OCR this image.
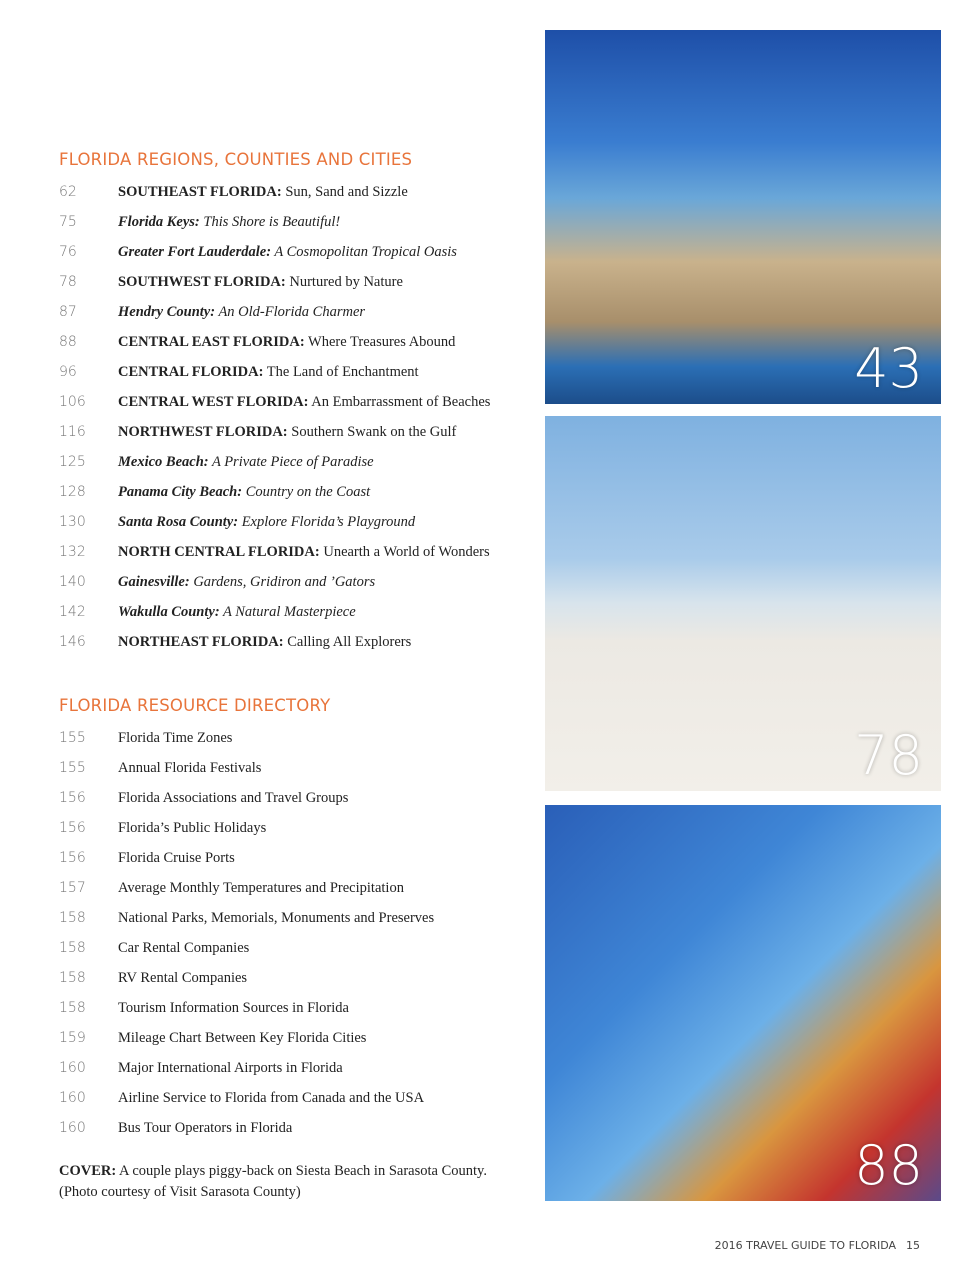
FLORIDA REGIONS, COUNTIES AND CITIES
62	SOUTHEAST FLORIDA: Sun, Sand and Sizzle
75	Florida Keys: This Shore is Beautiful!
76	Greater Fort Lauderdale: A Cosmopolitan Tropical Oasis
78	SOUTHWEST FLORIDA: Nurtured by Nature
87	Hendry County: An Old-Florida Charmer
88	CENTRAL EAST FLORIDA: Where Treasures Abound
96	CENTRAL FLORIDA: The Land of Enchantment
106 CENTRAL WEST FLORIDA: An Embarrassment of Beaches
116 NORTHWEST FLORIDA: Southern Swank on the Gulf
125 Mexico Beach: A Private Piece of Paradise
128 Panama City Beach: Country on the Coast
130 Santa Rosa County: Explore Florida’s Playground
132 NORTH CENTRAL FLORIDA: Unearth a World of Wonders
140 Gainesville: Gardens, Gridiron and ’Gators
142 Wakulla County: A Natural Masterpiece
146 NORTHEAST FLORIDA: Calling All Explorers
FLORIDA RESOURCE DIRECTORY
155 Florida Time Zones
155 Annual Florida Festivals
156 Florida Associations and Travel Groups
156 Florida’s Public Holidays
156 Florida Cruise Ports
157 Average Monthly Temperatures and Precipitation
158 National Parks, Memorials, Monuments and Preserves
158 Car Rental Companies
158 RV Rental Companies
158 Tourism Information Sources in Florida
159 Mileage Chart Between Key Florida Cities
160 Major International Airports in Florida
160 Airline Service to Florida from Canada and the USA
160 Bus Tour Operators in Florida
COVER: A couple plays piggy-back on Siesta Beach in Sarasota County.
(Photo courtesy of Visit Sarasota County)
43
78
88
2016 TRAVEL GUIDE TO FLORIDA 15
